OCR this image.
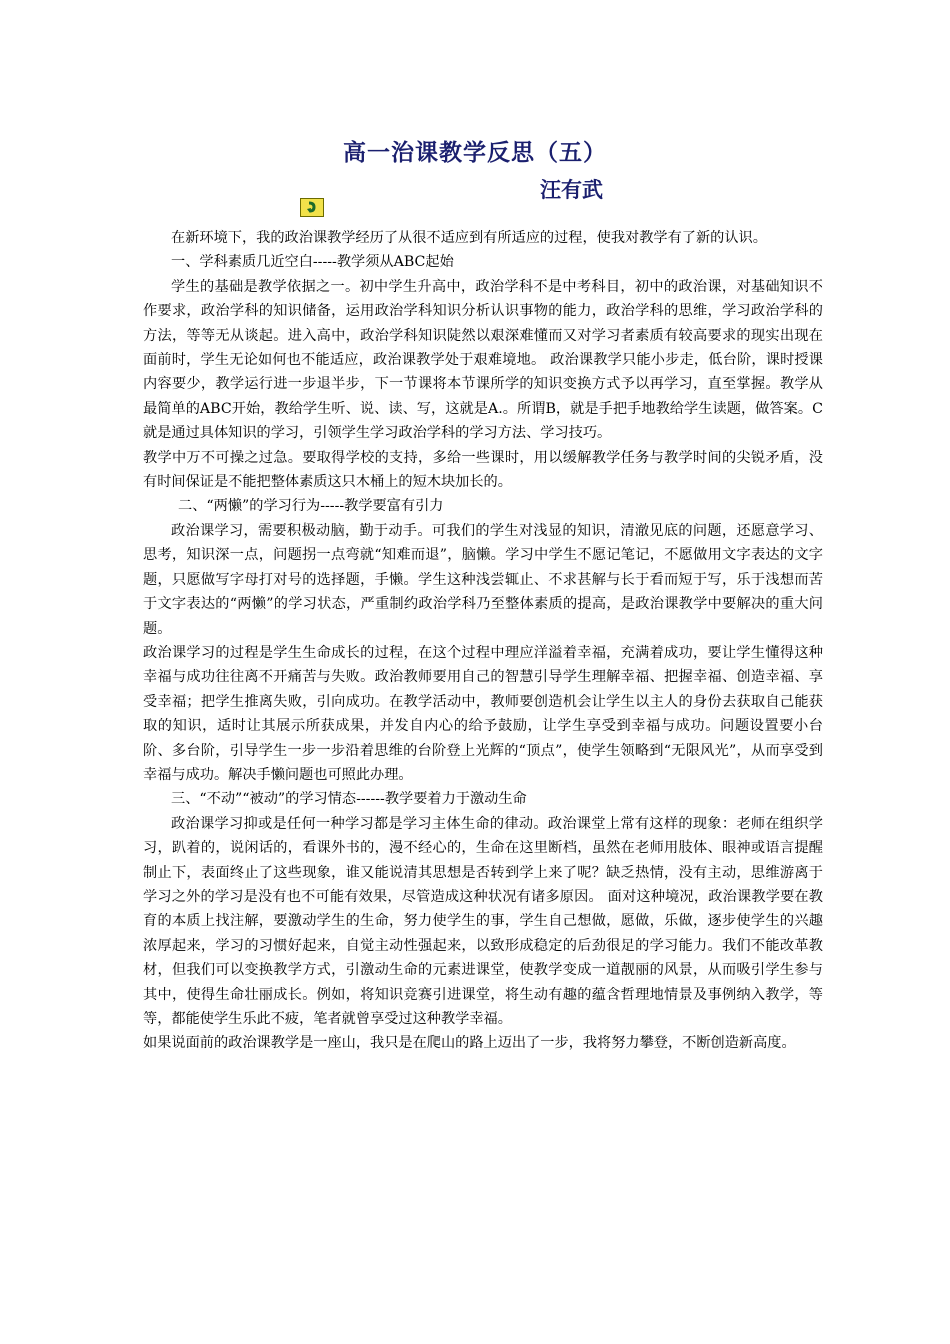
高一治课教学反思（五）
汪有武

在新环境下，我的政治课教学经历了从很不适应到有所适应的过程，使我对教学有了新的认识。

一、学科素质几近空白-----教学须从ABC起始

学生的基础是教学依据之一。初中学生升高中，政治学科不是中考科目，初中的政治课，对基础知识不作要求，政治学科的知识储备，运用政治学科知识分析认识事物的能力，政治学科的思维，学习政治学科的方法，等等无从谈起。进入高中，政治学科知识陡然以艰深难懂而又对学习者素质有较高要求的现实出现在面前时，学生无论如何也不能适应，政治课教学处于艰难境地。 政治课教学只能小步走，低台阶，课时授课内容要少，教学运行进一步退半步，下一节课将本节课所学的知识变换方式予以再学习，直至掌握。教学从最简单的ABC开始，教给学生听、说、读、写，这就是A.。所谓B，就是手把手地教给学生读题，做答案。C就是通过具体知识的学习，引领学生学习政治学科的学习方法、学习技巧。

教学中万不可操之过急。要取得学校的支持，多给一些课时，用以缓解教学任务与教学时间的尖锐矛盾，没有时间保证是不能把整体素质这只木桶上的短木块加长的。

二、“两懒”的学习行为-----教学要富有引力

政治课学习，需要积极动脑，勤于动手。可我们的学生对浅显的知识，清澈见底的问题，还愿意学习、思考，知识深一点，问题拐一点弯就“知难而退”，脑懒。学习中学生不愿记笔记，不愿做用文字表达的文字题，只愿做写字母打对号的选择题，手懒。学生这种浅尝辄止、不求甚解与长于看而短于写，乐于浅想而苦于文字表达的“两懒”的学习状态，严重制约政治学科乃至整体素质的提高，是政治课教学中要解决的重大问题。

政治课学习的过程是学生生命成长的过程，在这个过程中理应洋溢着幸福，充满着成功，要让学生懂得这种幸福与成功往往离不开痛苦与失败。政治教师要用自己的智慧引导学生理解幸福、把握幸福、创造幸福、享受幸福；把学生推离失败，引向成功。在教学活动中，教师要创造机会让学生以主人的身份去获取自己能获取的知识，适时让其展示所获成果，并发自内心的给予鼓励，让学生享受到幸福与成功。问题设置要小台阶、多台阶，引导学生一步一步沿着思维的台阶登上光辉的“顶点”，使学生领略到“无限风光”，从而享受到幸福与成功。解决手懒问题也可照此办理。

三、“不动”“被动”的学习情态------教学要着力于激动生命

政治课学习抑或是任何一种学习都是学习主体生命的律动。政治课堂上常有这样的现象：老师在组织学习，趴着的，说闲话的，看课外书的，漫不经心的，生命在这里断档，虽然在老师用肢体、眼神或语言提醒制止下，表面终止了这些现象，谁又能说清其思想是否转到学上来了呢？缺乏热情，没有主动，思维游离于学习之外的学习是没有也不可能有效果，尽管造成这种状况有诸多原因。 面对这种境况，政治课教学要在教育的本质上找注解，要激动学生的生命，努力使学生的事，学生自己想做，愿做，乐做，逐步使学生的兴趣浓厚起来，学习的习惯好起来，自觉主动性强起来，以致形成稳定的后劲很足的学习能力。我们不能改革教材，但我们可以变换教学方式，引激动生命的元素进课堂，使教学变成一道靓丽的风景，从而吸引学生参与其中，使得生命壮丽成长。例如，将知识竞赛引进课堂，将生动有趣的蕴含哲理地情景及事例纳入教学，等等，都能使学生乐此不疲，笔者就曾享受过这种教学幸福。

如果说面前的政治课教学是一座山，我只是在爬山的路上迈出了一步，我将努力攀登，不断创造新高度。
